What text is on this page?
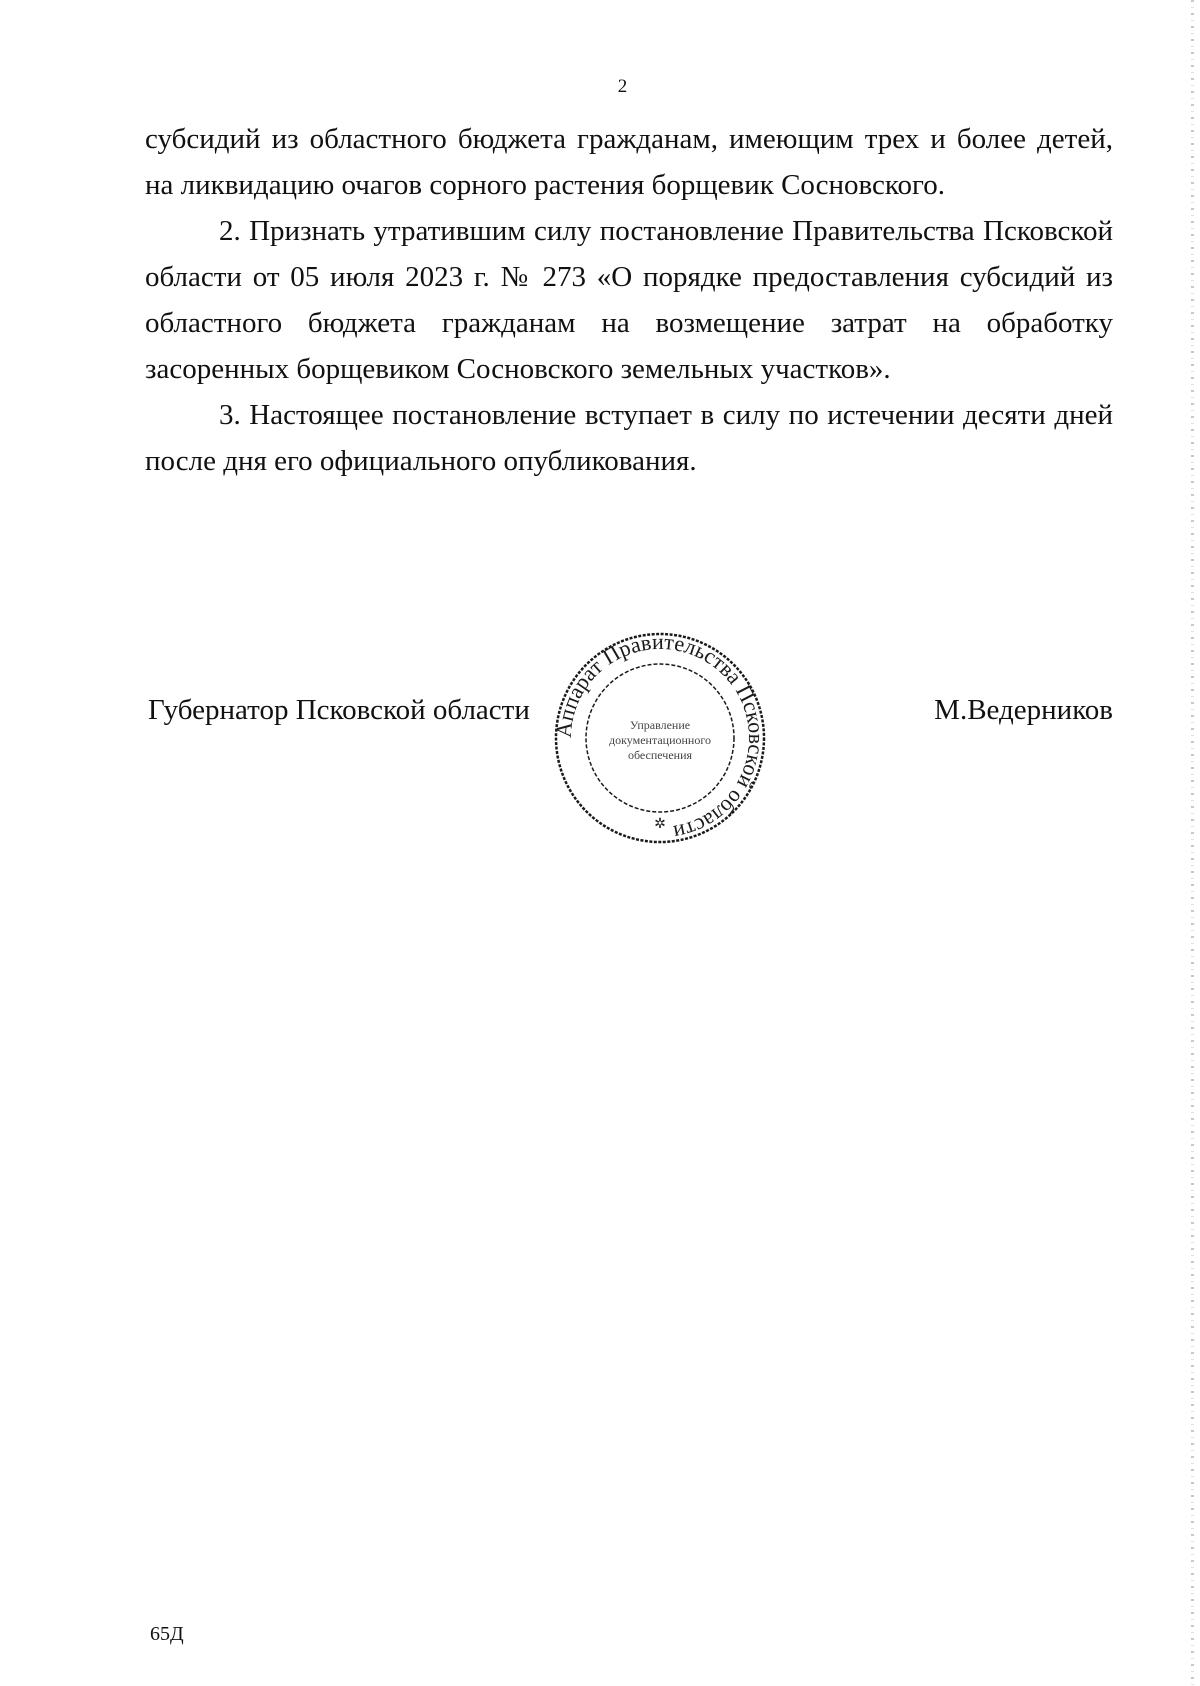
2

субсидий из областного бюджета гражданам, имеющим трех и более детей, на ликвидацию очагов сорного растения борщевик Сосновского.

2. Признать утратившим силу постановление Правительства Псковской области от 05 июля 2023 г. № 273 «О порядке предоставления субсидий из областного бюджета гражданам на возмещение затрат на обработку засоренных борщевиком Сосновского земельных участков».

3. Настоящее постановление вступает в силу по истечении десяти дней после дня его официального опубликования.

Губернатор Псковской области	М.Ведерников
Аппарат Правительства Псковской области
✲
Управление
документационного
обеспечения
65Д
